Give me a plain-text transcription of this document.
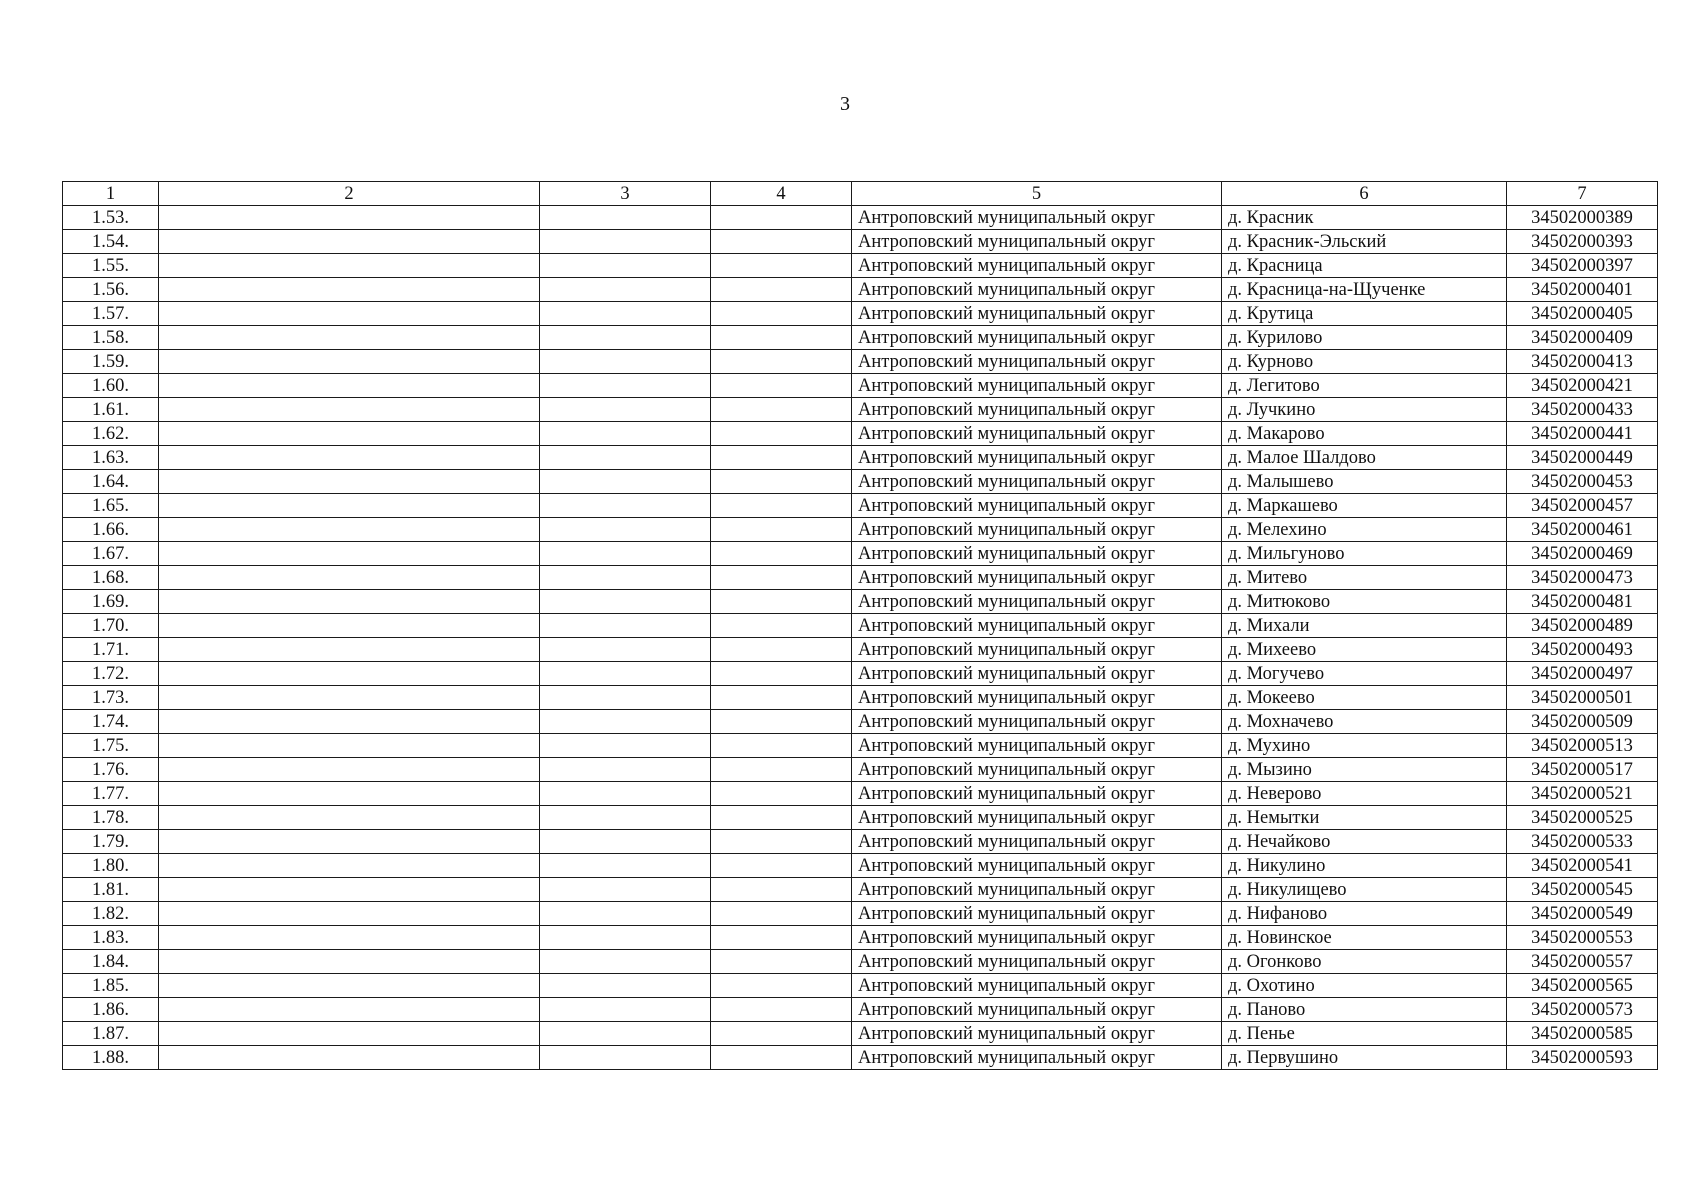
3
1	2	3	4	5	6	7
1.53.				Антроповский муниципальный округ	д. Красник	34502000389
1.54.				Антроповский муниципальный округ	д. Красник-Эльский	34502000393
1.55.				Антроповский муниципальный округ	д. Красница	34502000397
1.56.				Антроповский муниципальный округ	д. Красница-на-Щученке	34502000401
1.57.				Антроповский муниципальный округ	д. Крутица	34502000405
1.58.				Антроповский муниципальный округ	д. Курилово	34502000409
1.59.				Антроповский муниципальный округ	д. Курново	34502000413
1.60.				Антроповский муниципальный округ	д. Легитово	34502000421
1.61.				Антроповский муниципальный округ	д. Лучкино	34502000433
1.62.				Антроповский муниципальный округ	д. Макарово	34502000441
1.63.				Антроповский муниципальный округ	д. Малое Шалдово	34502000449
1.64.				Антроповский муниципальный округ	д. Малышево	34502000453
1.65.				Антроповский муниципальный округ	д. Маркашево	34502000457
1.66.				Антроповский муниципальный округ	д. Мелехино	34502000461
1.67.				Антроповский муниципальный округ	д. Мильгуново	34502000469
1.68.				Антроповский муниципальный округ	д. Митево	34502000473
1.69.				Антроповский муниципальный округ	д. Митюково	34502000481
1.70.				Антроповский муниципальный округ	д. Михали	34502000489
1.71.				Антроповский муниципальный округ	д. Михеево	34502000493
1.72.				Антроповский муниципальный округ	д. Могучево	34502000497
1.73.				Антроповский муниципальный округ	д. Мокеево	34502000501
1.74.				Антроповский муниципальный округ	д. Мохначево	34502000509
1.75.				Антроповский муниципальный округ	д. Мухино	34502000513
1.76.				Антроповский муниципальный округ	д. Мызино	34502000517
1.77.				Антроповский муниципальный округ	д. Неверово	34502000521
1.78.				Антроповский муниципальный округ	д. Немытки	34502000525
1.79.				Антроповский муниципальный округ	д. Нечайково	34502000533
1.80.				Антроповский муниципальный округ	д. Никулино	34502000541
1.81.				Антроповский муниципальный округ	д. Никулищево	34502000545
1.82.				Антроповский муниципальный округ	д. Нифаново	34502000549
1.83.				Антроповский муниципальный округ	д. Новинское	34502000553
1.84.				Антроповский муниципальный округ	д. Огонково	34502000557
1.85.				Антроповский муниципальный округ	д. Охотино	34502000565
1.86.				Антроповский муниципальный округ	д. Паново	34502000573
1.87.				Антроповский муниципальный округ	д. Пенье	34502000585
1.88.				Антроповский муниципальный округ	д. Первушино	34502000593
